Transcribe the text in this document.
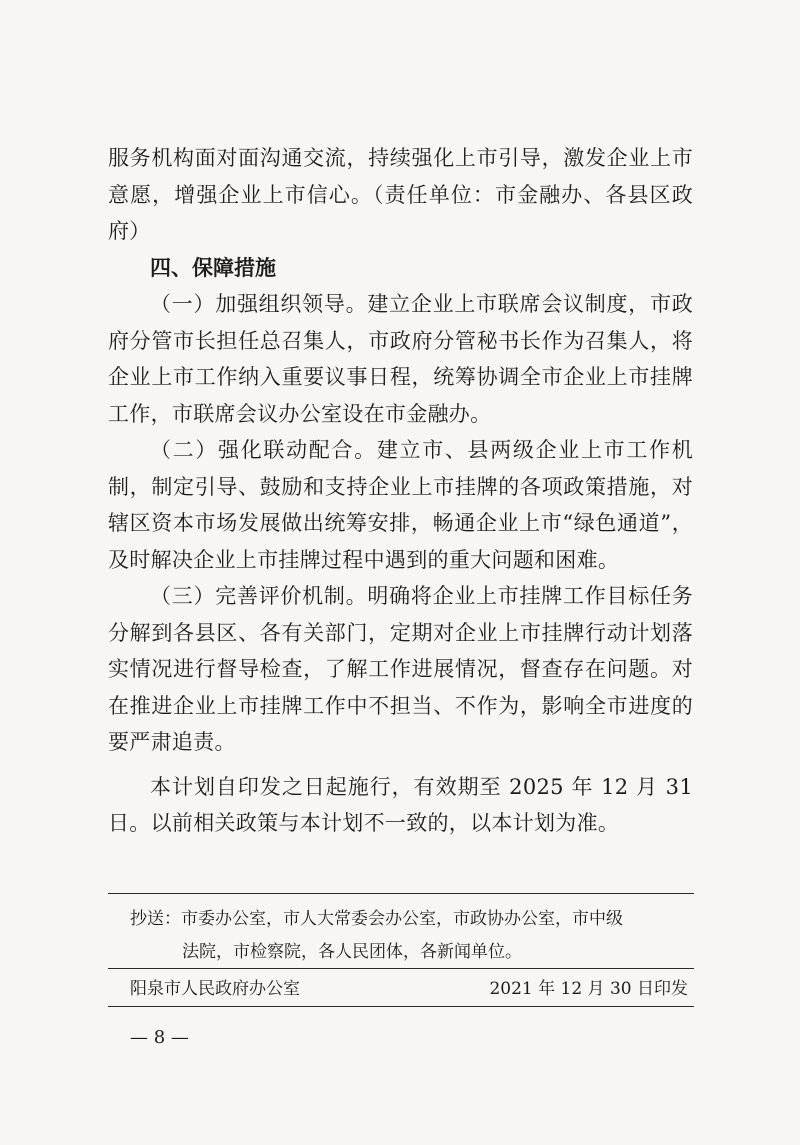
服务机构面对面沟通交流，持续强化上市引导，激发企业上市意愿，增强企业上市信心。（责任单位：市金融办、各县区政府）

四、保障措施

（一）加强组织领导。建立企业上市联席会议制度，市政府分管市长担任总召集人，市政府分管秘书长作为召集人，将企业上市工作纳入重要议事日程，统筹协调全市企业上市挂牌工作，市联席会议办公室设在市金融办。

（二）强化联动配合。建立市、县两级企业上市工作机制，制定引导、鼓励和支持企业上市挂牌的各项政策措施，对辖区资本市场发展做出统筹安排，畅通企业上市“绿色通道”，及时解决企业上市挂牌过程中遇到的重大问题和困难。

（三）完善评价机制。明确将企业上市挂牌工作目标任务分解到各县区、各有关部门，定期对企业上市挂牌行动计划落实情况进行督导检查，了解工作进展情况，督查存在问题。对在推进企业上市挂牌工作中不担当、不作为，影响全市进度的要严肃追责。

本计划自印发之日起施行，有效期至 2025 年 12 月 31 日。以前相关政策与本计划不一致的，以本计划为准。

抄送：市委办公室，市人大常委会办公室，市政协办公室，市中级
法院，市检察院，各人民团体，各新闻单位。

阳泉市人民政府办公室	2021 年 12 月 30 日印发
— 8 —
